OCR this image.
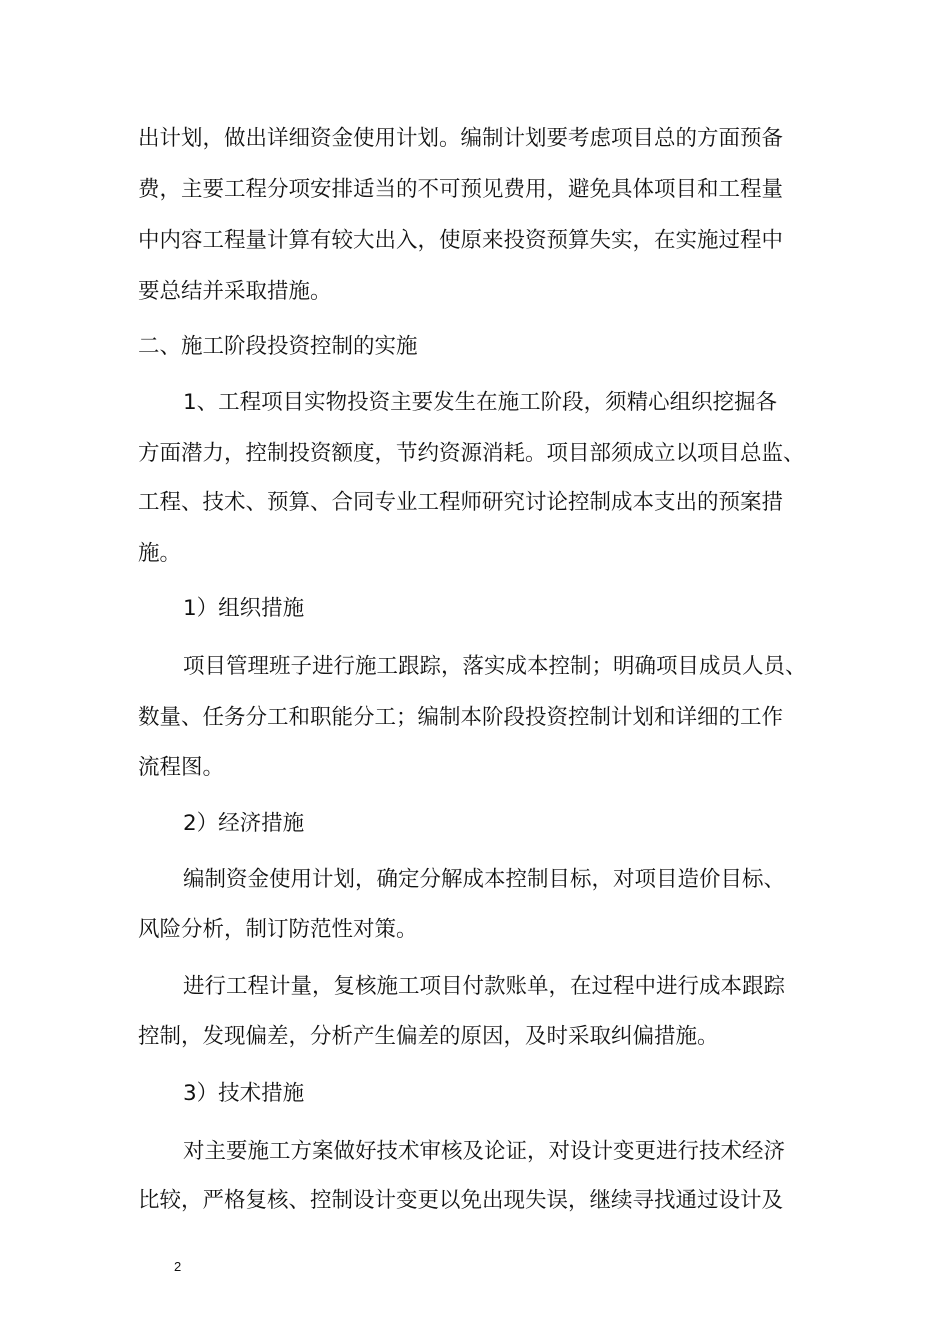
出计划，做出详细资金使用计划。编制计划要考虑项目总的方面预备
费，主要工程分项安排适当的不可预见费用，避免具体项目和工程量
中内容工程量计算有较大出入，使原来投资预算失实，在实施过程中
要总结并采取措施。
二、施工阶段投资控制的实施
1、工程项目实物投资主要发生在施工阶段，须精心组织挖掘各
方面潜力，控制投资额度，节约资源消耗。项目部须成立以项目总监、
工程、技术、预算、合同专业工程师研究讨论控制成本支出的预案措
施。
1）组织措施
项目管理班子进行施工跟踪，落实成本控制；明确项目成员人员、
数量、任务分工和职能分工；编制本阶段投资控制计划和详细的工作
流程图。
2）经济措施
编制资金使用计划，确定分解成本控制目标，对项目造价目标、
风险分析，制订防范性对策。
进行工程计量，复核施工项目付款账单，在过程中进行成本跟踪
控制，发现偏差，分析产生偏差的原因，及时采取纠偏措施。
3）技术措施
对主要施工方案做好技术审核及论证，对设计变更进行技术经济
比较，严格复核、控制设计变更以免出现失误，继续寻找通过设计及
2
